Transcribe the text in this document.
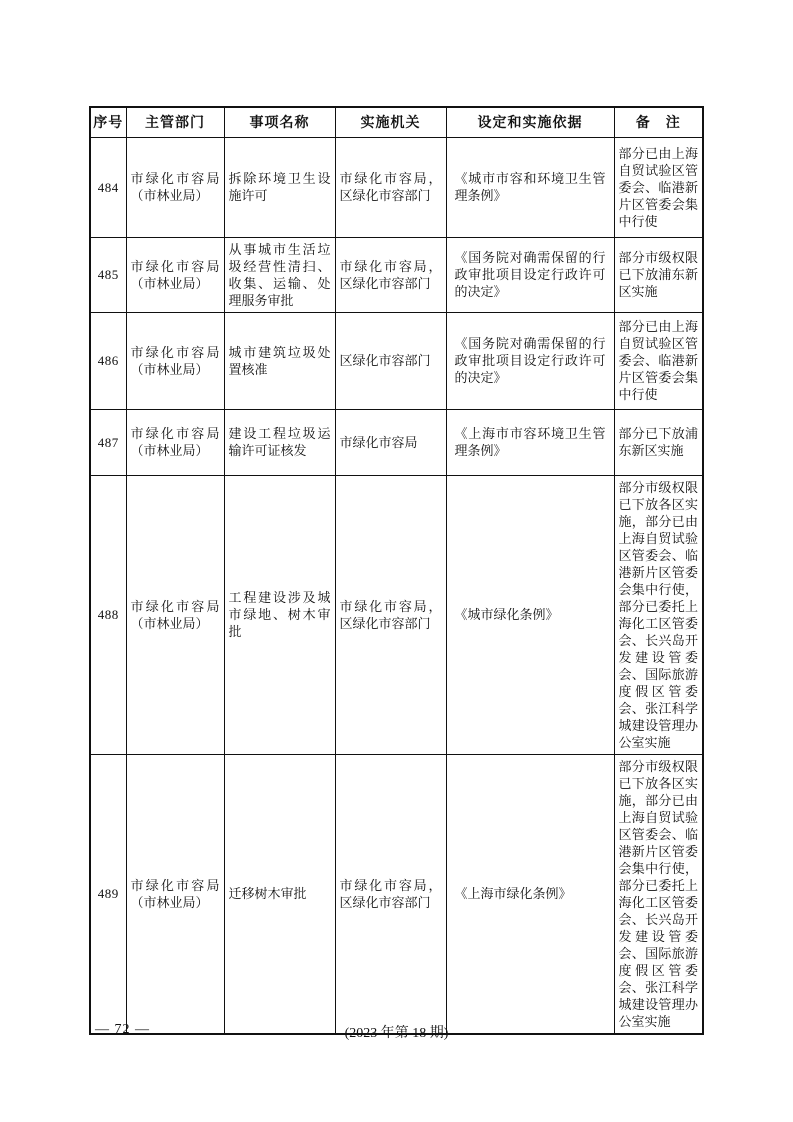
序号	主管部门	事项名称	实施机关	设定和实施依据	备　注
484	市绿化市容局（市林业局）	拆除环境卫生设施许可	市绿化市容局，区绿化市容部门	《城市市容和环境卫生管理条例》	部分已由上海自贸试验区管委会、临港新片区管委会集中行使
485	市绿化市容局（市林业局）	从事城市生活垃圾经营性清扫、收集、运输、处理服务审批	市绿化市容局，区绿化市容部门	《国务院对确需保留的行政审批项目设定行政许可的决定》	部分市级权限已下放浦东新区实施
486	市绿化市容局（市林业局）	城市建筑垃圾处置核准	区绿化市容部门	《国务院对确需保留的行政审批项目设定行政许可的决定》	部分已由上海自贸试验区管委会、临港新片区管委会集中行使
487	市绿化市容局（市林业局）	建设工程垃圾运输许可证核发	市绿化市容局	《上海市市容环境卫生管理条例》	部分已下放浦东新区实施
488	市绿化市容局（市林业局）	工程建设涉及城市绿地、树木审批	市绿化市容局，区绿化市容部门	《城市绿化条例》	部分市级权限已下放各区实施，部分已由上海自贸试验区管委会、临港新片区管委会集中行使，部分已委托上海化工区管委会、长兴岛开发建设管委会、国际旅游度假区管委会、张江科学城建设管理办公室实施
489	市绿化市容局（市林业局）	迁移树木审批	市绿化市容局，区绿化市容部门	《上海市绿化条例》	部分市级权限已下放各区实施，部分已由上海自贸试验区管委会、临港新片区管委会集中行使，部分已委托上海化工区管委会、长兴岛开发建设管委会、国际旅游度假区管委会、张江科学城建设管理办公室实施
— 72 —	(2023 年第 18 期)
